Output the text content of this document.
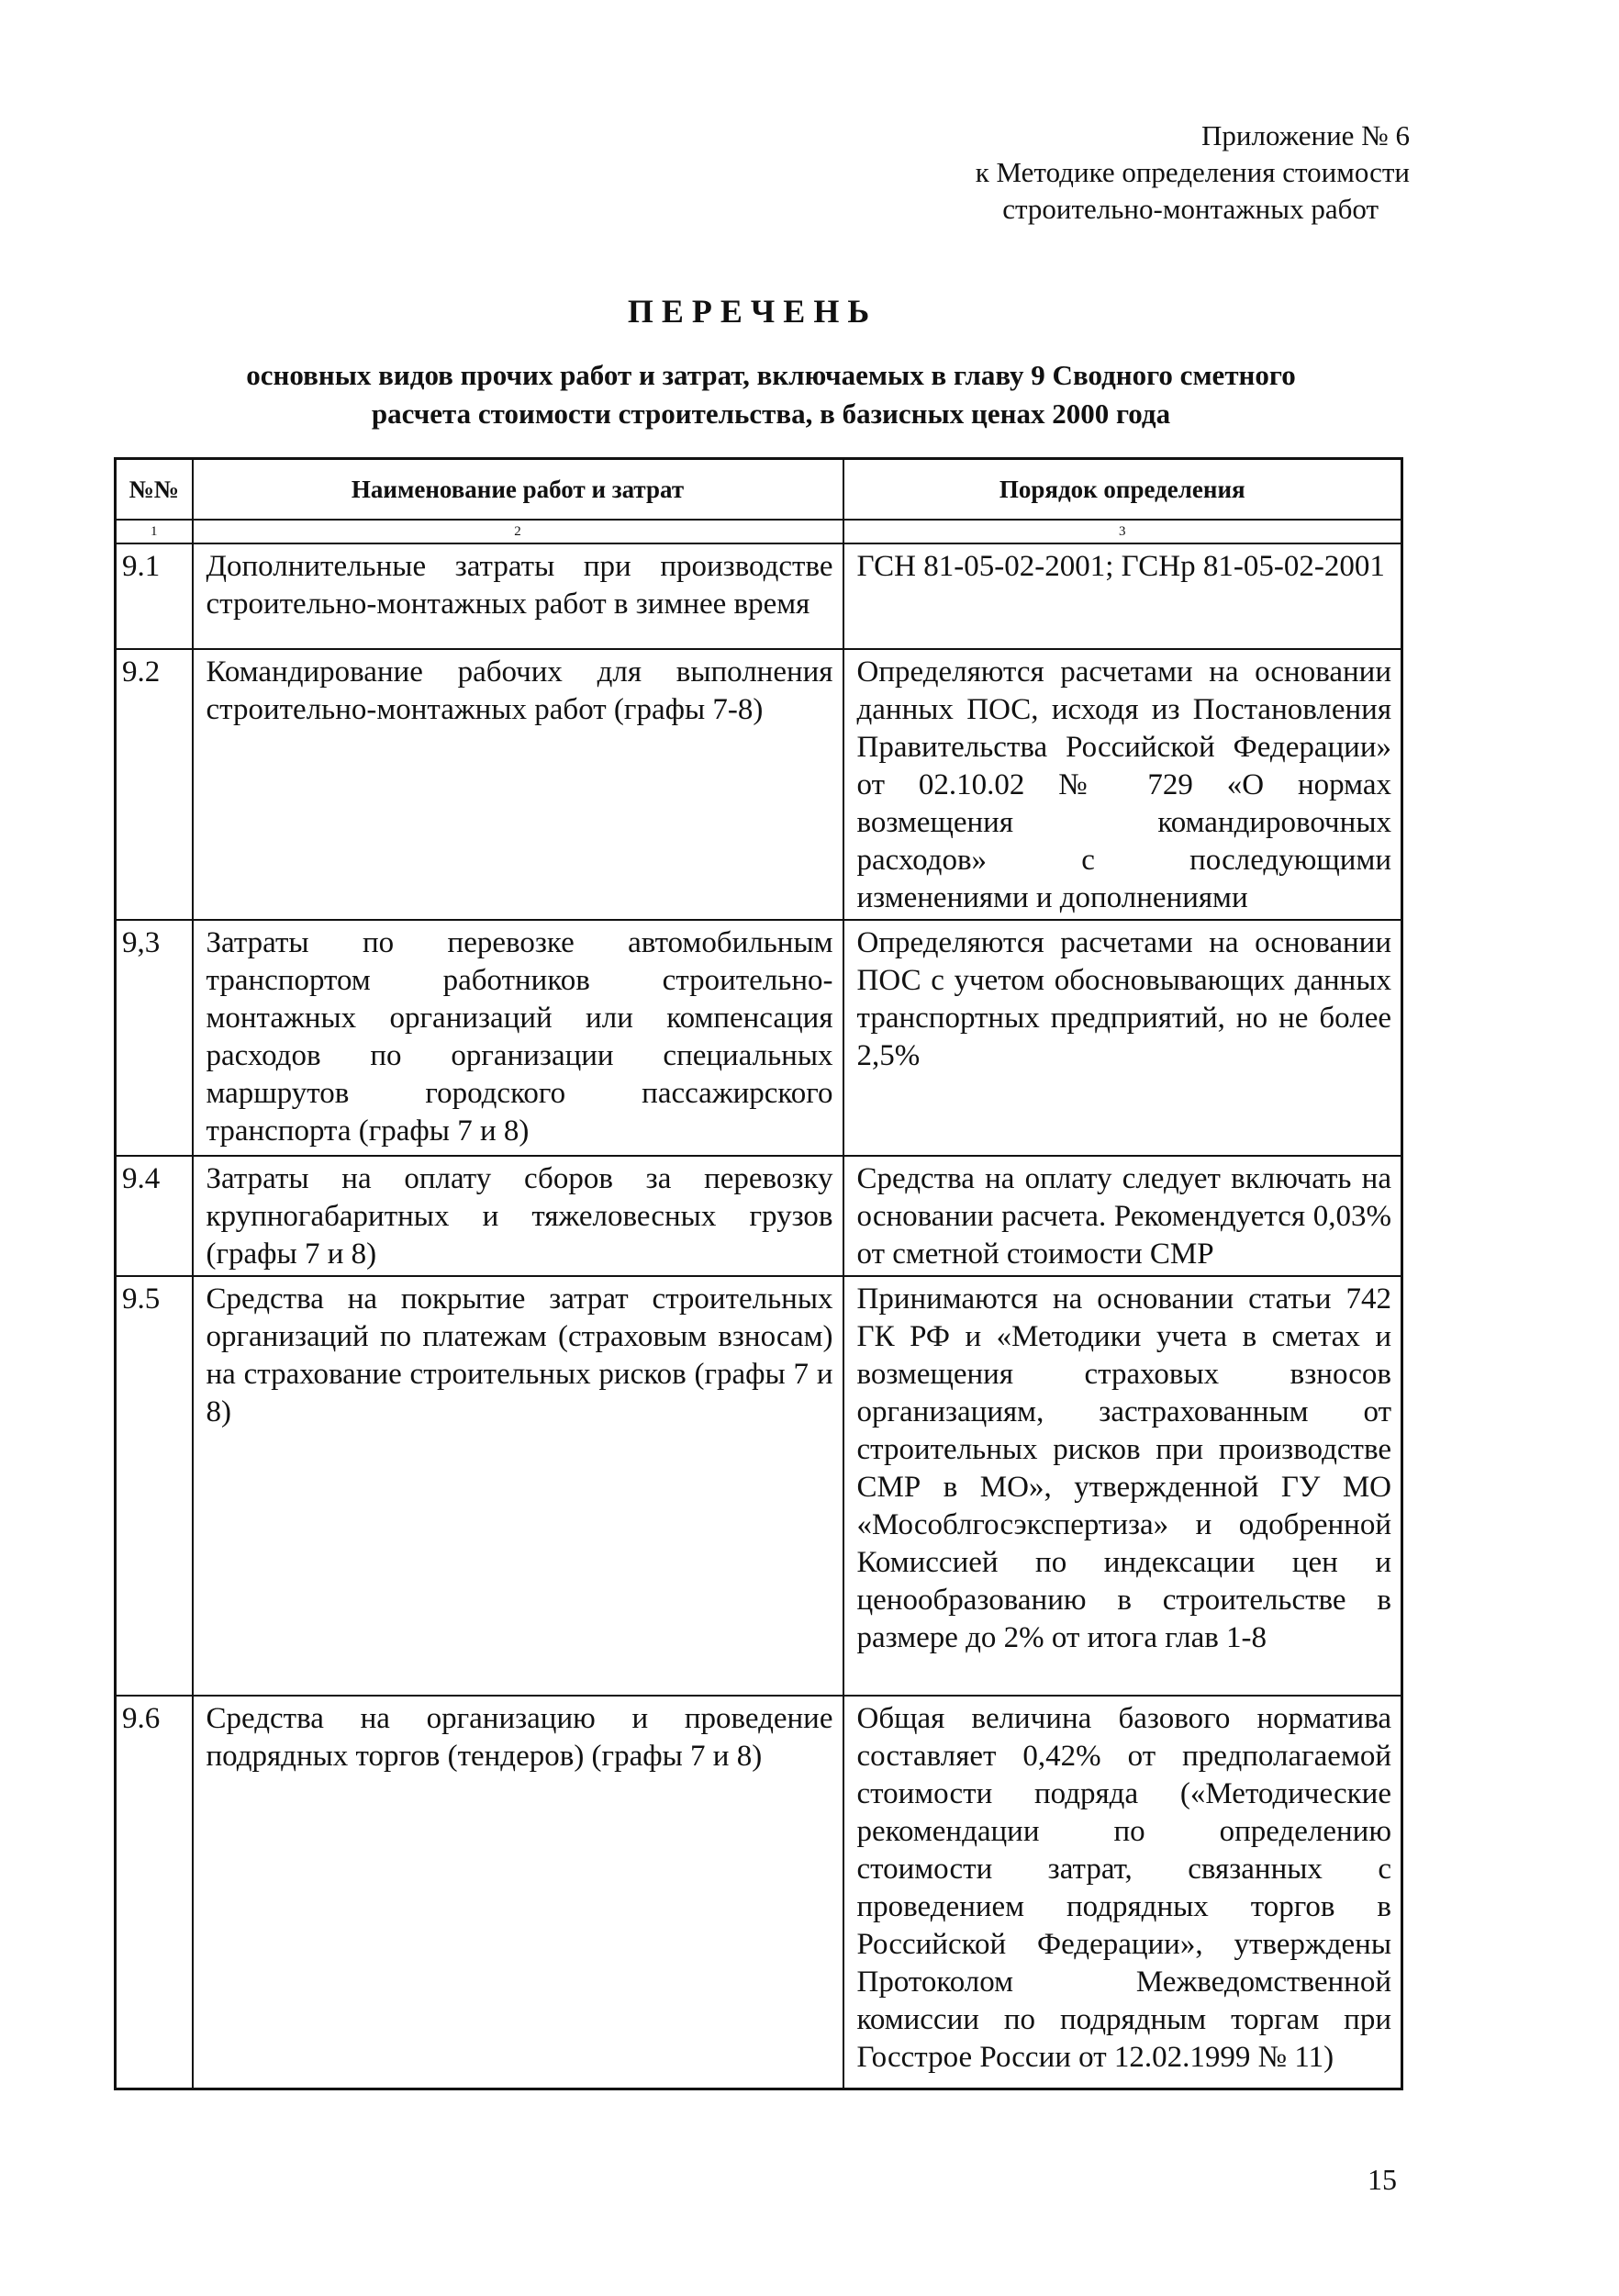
Приложение № 6
к Методике определения стоимости
строительно-монтажных работ
ПЕРЕЧЕНЬ
основных видов прочих работ и затрат, включаемых в главу 9 Сводного сметного
расчета стоимости строительства, в базисных ценах 2000 года
№№	Наименование работ и затрат	Порядок определения
1	2	3
9.1	Дополнительные затраты при производстве строительно-монтажных работ в зимнее время	ГСН 81-05-02-2001; ГСНр 81-05-02-2001
9.2	Командирование рабочих для выполнения строительно-монтажных работ (графы 7-8)	Определяются расчетами на основании данных ПОС, исходя из Постановления Правительства Российской Федерации» от 02.10.02 № 729 «О нормах возмещения командировочных расходов» с последующими изменениями и дополнениями
9,3	Затраты по перевозке автомобильным транспортом работников строительно-монтажных организаций или компенсация расходов по организации специальных маршрутов городского пассажирского транспорта (графы 7 и 8)	Определяются расчетами на основании ПОС с учетом обосновывающих данных транспортных предприятий, но не более 2,5%
9.4	Затраты на оплату сборов за перевозку крупногабаритных и тяжеловесных грузов (графы 7 и 8)	Средства на оплату следует включать на основании расчета. Рекомендуется 0,03% от сметной стоимости СМР
9.5	Средства на покрытие затрат строительных организаций по платежам (страховым взносам) на страхование строительных рисков (графы 7 и 8)	Принимаются на основании статьи 742 ГК РФ и «Методики учета в сметах и возмещения страховых взносов организациям, застрахованным от строительных рисков при производстве СМР в МО», утвержденной ГУ МО «Мособлгосэкспертиза» и одобренной Комиссией по индексации цен и ценообразованию в строительстве в размере до 2% от итога глав 1-8
9.6	Средства на организацию и проведение подрядных торгов (тендеров) (графы 7 и 8)	Общая величина базового норматива составляет 0,42% от предполагаемой стоимости подряда («Методические рекомендации по определению стоимости затрат, связанных с проведением подрядных торгов в Российской Федерации», утверждены Протоколом Межведомственной комиссии по подрядным торгам при Госстрое России от 12.02.1999 № 11)
15
